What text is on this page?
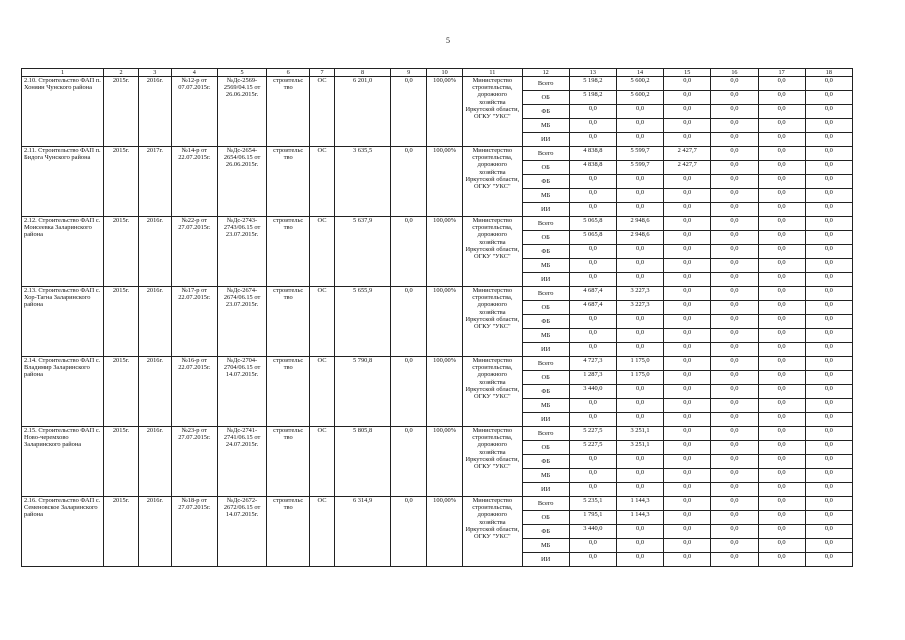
5
1	2	3	4	5	6	7	8	9	10	11	12	13	14	15	16	17	18
2.10. Строительство ФАП п. Хоняин Чунского района	2015г.	2016г.	№12-р от 07.07.2015г.	№Дс-2569-2569/04.15 от 26.06.2015г.	строительс тво	ОС	6 201,0	0,0	100,00%	Министерство строительства, дорожного хозяйства Иркутской области, ОГКУ "УКС"	Всего	5 198,2	5 600,2	0,0	0,0	0,0	0,0
											ОБ	5 198,2	5 600,2	0,0	0,0	0,0	0,0
											ФБ	0,0	0,0	0,0	0,0	0,0	0,0
											МБ	0,0	0,0	0,0	0,0	0,0	0,0
											ИИ	0,0	0,0	0,0	0,0	0,0	0,0
2.11. Строительство ФАП п. Бидога Чунского района	2015г.	2017г.	№14-р от 22.07.2015г.	№Дс-2654-2654/06.15 от 26.06.2015г.	строительс тво	ОС	3 635,5	0,0	100,00%	Министерство строительства, дорожного хозяйства Иркутской области, ОГКУ "УКС"	Всего	4 838,8	5 599,7	2 427,7	0,0	0,0	0,0
											ОБ	4 838,8	5 599,7	2 427,7	0,0	0,0	0,0
											ФБ	0,0	0,0	0,0	0,0	0,0	0,0
											МБ	0,0	0,0	0,0	0,0	0,0	0,0
											ИИ	0,0	0,0	0,0	0,0	0,0	0,0
2.12. Строительство ФАП с. Моисеевка Заларинского района	2015г.	2016г.	№22-р от 27.07.2015г.	№Дс-2743-2743/06.15 от 23.07.2015г.	строительс тво	ОС	5 637,9	0,0	100,00%	Министерство строительства, дорожного хозяйства Иркутской области, ОГКУ "УКС"	Всего	5 065,8	2 948,6	0,0	0,0	0,0	0,0
											ОБ	5 065,8	2 948,6	0,0	0,0	0,0	0,0
											ФБ	0,0	0,0	0,0	0,0	0,0	0,0
											МБ	0,0	0,0	0,0	0,0	0,0	0,0
											ИИ	0,0	0,0	0,0	0,0	0,0	0,0
2.13. Строительство ФАП с. Хор-Тагна Заларинского района	2015г.	2016г.	№17-р от 22.07.2015г.	№Дс-2674-2674/06.15 от 23.07.2015г.	строительс тво	ОС	5 655,9	0,0	100,00%	Министерство строительства, дорожного хозяйства Иркутской области, ОГКУ "УКС"	Всего	4 687,4	3 227,3	0,0	0,0	0,0	0,0
											ОБ	4 687,4	3 227,3	0,0	0,0	0,0	0,0
											ФБ	0,0	0,0	0,0	0,0	0,0	0,0
											МБ	0,0	0,0	0,0	0,0	0,0	0,0
											ИИ	0,0	0,0	0,0	0,0	0,0	0,0
2.14. Строительство ФАП с. Владимир Заларинского района	2015г.	2016г.	№16-р от 22.07.2015г.	№Дс-2704-2704/06.15 от 14.07.2015г.	строительс тво	ОС	5 790,8	0,0	100,00%	Министерство строительства, дорожного хозяйства Иркутской области, ОГКУ "УКС"	Всего	4 727,3	1 175,0	0,0	0,0	0,0	0,0
											ОБ	1 287,3	1 175,0	0,0	0,0	0,0	0,0
											ФБ	3 440,0	0,0	0,0	0,0	0,0	0,0
											МБ	0,0	0,0	0,0	0,0	0,0	0,0
											ИИ	0,0	0,0	0,0	0,0	0,0	0,0
2.15. Строительство ФАП с. Ново-черемхово Заларинского района	2015г.	2016г.	№23-р от 27.07.2015г.	№Дс-2741-2741/06.15 от 24.07.2015г.	строительс тво	ОС	5 805,8	0,0	100,00%	Министерство строительства, дорожного хозяйства Иркутской области, ОГКУ "УКС"	Всего	5 227,5	3 251,1	0,0	0,0	0,0	0,0
											ОБ	5 227,5	3 251,1	0,0	0,0	0,0	0,0
											ФБ	0,0	0,0	0,0	0,0	0,0	0,0
											МБ	0,0	0,0	0,0	0,0	0,0	0,0
											ИИ	0,0	0,0	0,0	0,0	0,0	0,0
2.16. Строительство ФАП с. Семеновское Заларинского района	2015г.	2016г.	№18-р от 27.07.2015г.	№Дс-2672-2672/06.15 от 14.07.2015г.	строительс тво	ОС	6 314,9	0,0	100,00%	Министерство строительства, дорожного хозяйства Иркутской области, ОГКУ "УКС"	Всего	5 235,1	1 144,3	0,0	0,0	0,0	0,0
											ОБ	1 795,1	1 144,3	0,0	0,0	0,0	0,0
											ФБ	3 440,0	0,0	0,0	0,0	0,0	0,0
											МБ	0,0	0,0	0,0	0,0	0,0	0,0
											ИИ	0,0	0,0	0,0	0,0	0,0	0,0
